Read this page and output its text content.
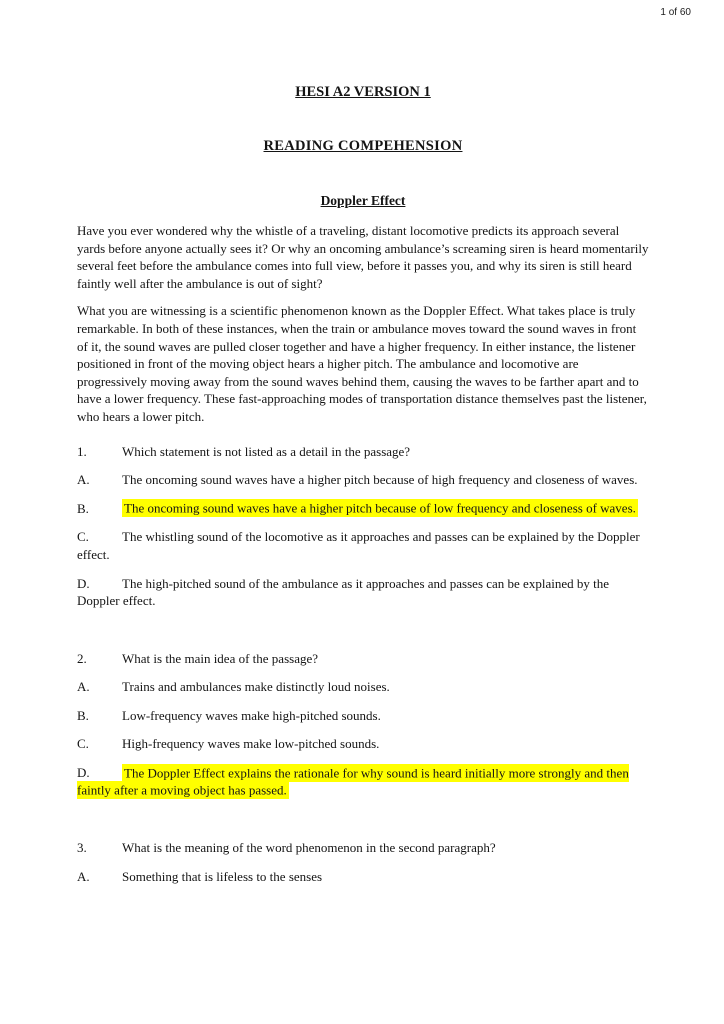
1 of 60
HESI A2 VERSION 1
READING COMPEHENSION
Doppler Effect

Have you ever wondered why the whistle of a traveling, distant locomotive predicts its approach several yards before anyone actually sees it? Or why an oncoming ambulance’s screaming siren is heard momentarily several feet before the ambulance comes into full view, before it passes you, and why its siren is still heard faintly well after the ambulance is out of sight?

What you are witnessing is a scientific phenomenon known as the Doppler Effect. What takes place is truly remarkable. In both of these instances, when the train or ambulance moves toward the sound waves in front of it, the sound waves are pulled closer together and have a higher frequency. In either instance, the listener positioned in front of the moving object hears a higher pitch. The ambulance and locomotive are progressively moving away from the sound waves behind them, causing the waves to be farther apart and to have a lower frequency. These fast-approaching modes of transportation distance themselves past the listener, who hears a lower pitch.

1.	Which statement is not listed as a detail in the passage?

A. The oncoming sound waves have a higher pitch because of high frequency and closeness of waves.

B.	The oncoming sound waves have a higher pitch because of low frequency and closeness of waves.

C.	The whistling sound of the locomotive as it approaches and passes can be explained by the Doppler effect.

D. The high-pitched sound of the ambulance as it approaches and passes can be explained by the Doppler effect.

2.	What is the main idea of the passage?

A. Trains and ambulances make distinctly loud noises.

B.	Low-frequency waves make high-pitched sounds.

C.	High-frequency waves make low-pitched sounds.

D.	The Doppler Effect explains the rationale for why sound is heard initially more strongly and then faintly after a moving object has passed.

3.	What is the meaning of the word phenomenon in the second paragraph?

A. Something that is lifeless to the senses
